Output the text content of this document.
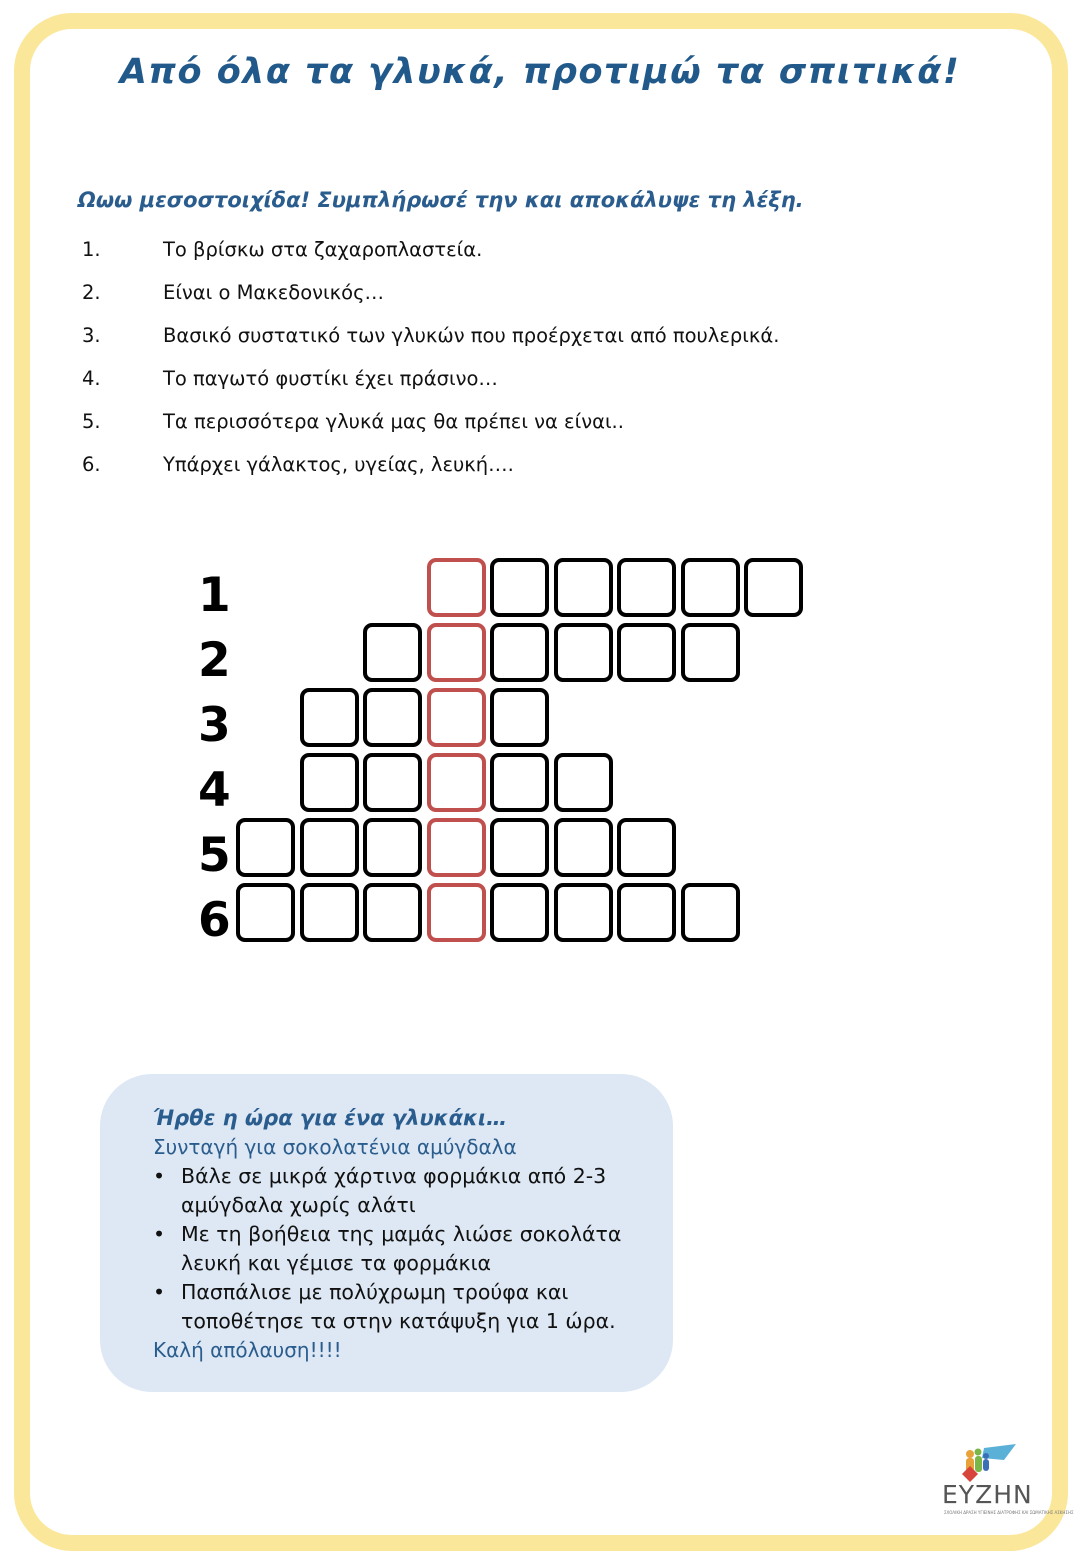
Από όλα τα γλυκά, προτιμώ τα σπιτικά!
Ωωω μεσοστοιχίδα! Συμπλήρωσέ την και αποκάλυψε τη λέξη.
1.	Το βρίσκω στα ζαχαροπλαστεία.
2.	Είναι ο Μακεδονικός…
3.	Βασικό συστατικό των γλυκών που προέρχεται από πουλερικά.
4.	Το παγωτό φυστίκι έχει πράσινο…
5.	Τα περισσότερα γλυκά μας θα πρέπει να είναι..
6.	Υπάρχει γάλακτος, υγείας, λευκή….
1
2
3
4
5
6
Ήρθε η ώρα για ένα γλυκάκι…
Συνταγή για σοκολατένια αμύγδαλα
• Βάλε σε μικρά χάρτινα φορμάκια από 2-3 αμύγδαλα χωρίς αλάτι
• Με τη βοήθεια της μαμάς λιώσε σοκολάτα λευκή και γέμισε τα φορμάκια
• Πασπάλισε με πολύχρωμη τρούφα και τοποθέτησε τα στην κατάψυξη για 1 ώρα.
Καλή απόλαυση!!!!
ΕΥΖΗΝ
ΣΧΟΛΙΚΗ ΔΡΑΣΗ ΥΓΙΕΙΝΗΣ ΔΙΑΤΡΟΦΗΣ ΚΑΙ ΣΩΜΑΤΙΚΗΣ ΑΣΚΗΣΗΣ
